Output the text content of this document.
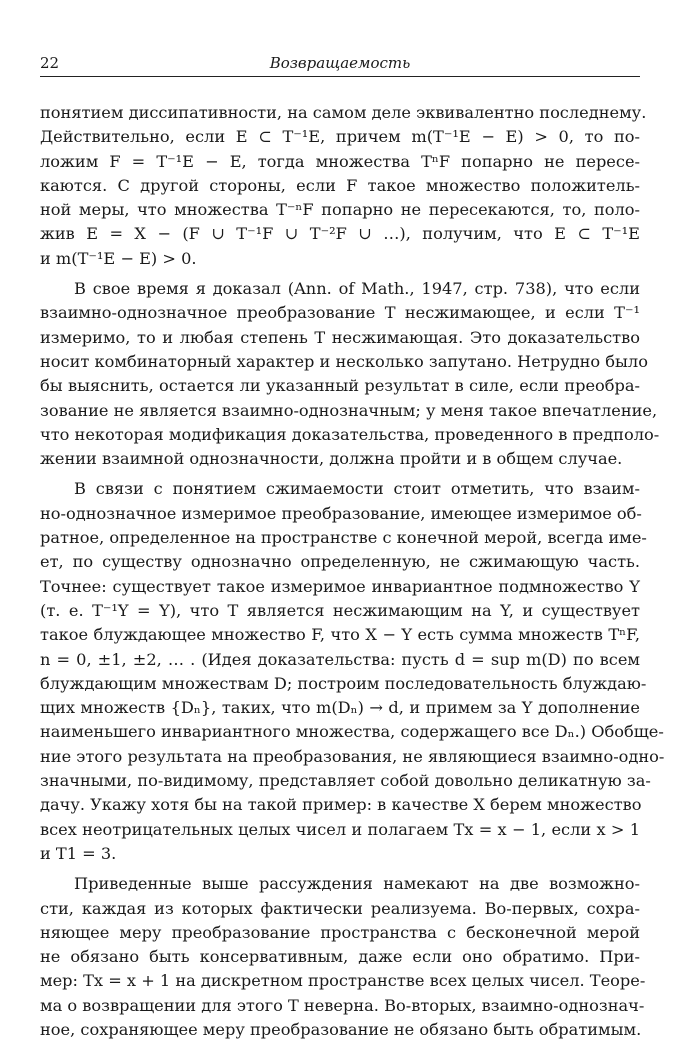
22	Возвращаемость
понятием диссипативности, на самом деле эквивалентно последнему.
Действительно, если E ⊂ T⁻¹E, причем m(T⁻¹E − E) > 0, то по-
ложим F = T⁻¹E − E, тогда множества TⁿF попарно не пересе-
каются. С другой стороны, если F такое множество положитель-
ной меры, что множества T⁻ⁿF попарно не пересекаются, то, поло-
жив E = X − (F ∪ T⁻¹F ∪ T⁻²F ∪ …), получим, что E ⊂ T⁻¹E
и m(T⁻¹E − E) > 0.
В свое время я доказал (Ann. of Math., 1947, стр. 738), что если
взаимно-однозначное преобразование T несжимающее, и если T⁻¹
измеримо, то и любая степень T несжимающая. Это доказательство
носит комбинаторный характер и несколько запутано. Нетрудно было
бы выяснить, остается ли указанный результат в силе, если преобра-
зование не является взаимно-однозначным; у меня такое впечатление,
что некоторая модификация доказательства, проведенного в предполо-
жении взаимной однозначности, должна пройти и в общем случае.
В связи с понятием сжимаемости стоит отметить, что взаим-
но-однозначное измеримое преобразование, имеющее измеримое об-
ратное, определенное на пространстве с конечной мерой, всегда име-
ет, по существу однозначно определенную, не сжимающую часть.
Точнее: существует такое измеримое инвариантное подмножество Y
(т. е. T⁻¹Y = Y), что T является несжимающим на Y, и существует
такое блуждающее множество F, что X − Y есть сумма множеств TⁿF,
n = 0, ±1, ±2, … . (Идея доказательства: пусть d = sup m(D) по всем
блуждающим множествам D; построим последовательность блуждаю-
щих множеств {Dₙ}, таких, что m(Dₙ) → d, и примем за Y дополнение
наименьшего инвариантного множества, содержащего все Dₙ.) Обобще-
ние этого результата на преобразования, не являющиеся взаимно-одно-
значными, по-видимому, представляет собой довольно деликатную за-
дачу. Укажу хотя бы на такой пример: в качестве X берем множество
всех неотрицательных целых чисел и полагаем Tx = x − 1, если x > 1
и T1 = 3.
Приведенные выше рассуждения намекают на две возможно-
сти, каждая из которых фактически реализуема. Во-первых, сохра-
няющее меру преобразование пространства с бесконечной мерой
не обязано быть консервативным, даже если оно обратимо. При-
мер: Tx = x + 1 на дискретном пространстве всех целых чисел. Теоре-
ма о возвращении для этого T неверна. Во-вторых, взаимно-однознач-
ное, сохраняющее меру преобразование не обязано быть обратимым.
